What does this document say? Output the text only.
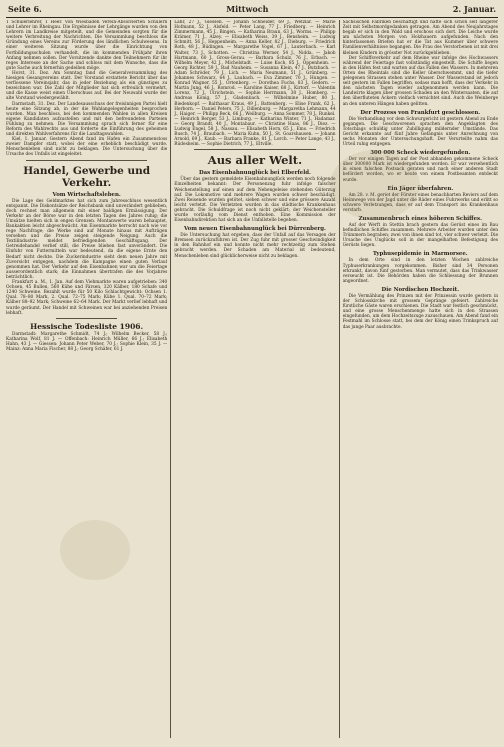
Seite 6.	Mittwoch	2. Januar.

1 Schülerlehrer, 1 Heer. Von Wiesbaden Verein-Absolvierten Schülern und Lehrer im Rheingau. Die Ergebnisse der Lehrgänge wurden von den Lehrern im Landkreise mitgeteilt, und die Gemeinden sorgten für die weitere Verbreitung der Nachrichten. Die Versammlung beschloss die Gründung eines Vereins zur Förderung des ländlichen Schulwesens. In einer weiteren Sitzung wurde über die Einrichtung von Fortbildungsschulen verhandelt, die im kommenden Frühjahr ihren Anfang nehmen sollen. Der Vorsitzende dankte den Teilnehmern für ihr reges Interesse an der Sache und schloss mit dem Wunsche, dass die gute Sache auch fernerhin gedeihen möge.

Horst, 31. Dez. Am Sonntag fand die Generalversammlung des hiesigen Gesangvereins statt. Der Vorstand erstattete Bericht über das verflossene Vereinsjahr, das in jeder Beziehung als ein günstiges zu bezeichnen war. Die Zahl der Mitglieder hat sich erfreulich vermehrt, und die Kasse weist einen Überschuss auf. Bei der Neuwahl wurde der alte Vorstand wiedergewählt.

Darmstadt, 31. Dez. Der Landesausschuss der freisinnigen Partei hielt heute eine Sitzung ab, in der die Wahlangelegenheiten besprochen wurden. Man beschloss, bei den kommenden Wahlen in allen Kreisen eigene Kandidaten aufzustellen und mit den befreundeten Parteien Fühlung zu nehmen. Die Versammlung sprach sich ferner für eine Reform des Wahlrechts aus und forderte die Einführung des geheimen und direkten Wahlverfahrens für die Landtagswahlen.

Kiel, 1. Januar. Gestern Abend fand im Hafen ein Zusammenstoss zweier Dampfer statt, wobei der eine erheblich beschädigt wurde. Menschenleben sind nicht zu beklagen. Die Untersuchung über die Ursache des Unfalls ist eingeleitet.

Handel, Gewerbe und Verkehr.
Vom Wirtschaftsleben.

Die Lage des Geldmarktes hat sich zum Jahresschluss wesentlich entspannt. Die Diskontsätze der Reichsbank sind unverändert geblieben, doch rechnet man allgemein mit einer baldigen Ermässigung. Der Verkehr an der Börse war in den letzten Tagen des Jahres ruhig; die Umsätze hielten sich in engen Grenzen. Montanwerte waren behauptet, Bankaktien leicht abgeschwächt. Am Eisenmarkte herrscht nach wie vor rege Nachfrage; die Werke sind auf Monate hinaus mit Aufträgen versehen und die Preise zeigen steigende Neigung. Auch die Textilindustrie meldet befriedigenden Geschäftsgang. Der Getreidehandel verlief still, die Preise blieben fast unverändert. Die Einfuhr von Futtermitteln war bedeutend, da die eigene Ernte den Bedarf nicht deckte. Die Zuckerindustrie sieht dem neuen Jahre mit Zuversicht entgegen, nachdem die Kampagne einen guten Verlauf genommen hat. Der Verkehr auf den Eisenbahnen war um die Feiertage ausserordentlich stark; die Einnahmen übertrafen die des Vorjahres beträchtlich.

Frankfurt a. M., 1. Jan. Auf dem Viehmarkte waren aufgetrieben: 340 Ochsen, 45 Bullen, 560 Kühe und Färsen, 320 Kälber, 180 Schafe und 1240 Schweine. Bezahlt wurde für 50 Kilo Schlachtgewicht: Ochsen 1. Qual. 78–80 Mark, 2. Qual. 72–75 Mark; Kühe 1. Qual. 70–72 Mark; Kälber 88–92 Mark; Schweine 62–64 Mark. Der Markt verlief lebhaft und wurde geräumt. Der Handel mit Schweinen war bei anziehenden Preisen lebhaft.

Hessische Todesliste 1906.

Darmstadt: Margarethe Schmidt, 74 J.; Wilhelm Becker, 58 J.; Katharina Wolf, 81 J. — Offenbach: Heinrich Müller, 66 J.; Elisabeth Hahn, 43 J. — Giessen: Johann Peter Weber, 70 J.; Sophie Klein, 35 J. — Mainz: Anna Maria Fischer, 88 J.; Georg Schäfer, 61 J.

Lahr, 27 J., Giessen. — Johann Schneider, 69 J., Wetzlar. — Marie Hofmann, 52 J., Alsfeld. — Peter Lang, 77 J., Friedberg. — Heinrich Zimmermann, 45 J., Bingen. — Katharina Braun, 63 J., Worms. — Philipp Krämer, 71 J., Alzey. — Elisabeth Weiss, 39 J., Bensheim. — Ludwig Schmitt, 56 J., Heppenheim. — Anna Keller, 82 J., Dieburg. — Friedrich Roth, 48 J., Büdingen. — Margarethe Vogel, 67 J., Lauterbach. — Karl Walter, 73 J., Schotten. — Christina Werner, 54 J., Nidda. — Jakob Hartmann, 60 J., Gross-Gerau. — Barbara Schulz, 76 J., Erbach. — Wilhelm Meyer, 42 J., Michelstadt. — Luise Koch, 85 J., Oppenheim. — Georg Richter, 59 J., Bad Nauheim. — Susanna Klein, 47 J., Butzbach. — Adam Schröder, 79 J., Lich. — Maria Neumann, 51 J., Grünberg. — Johannes Schwarz, 64 J., Laubach. — Eva Zimmer, 70 J., Hungen. — Konrad Wagner, 55 J., Ortenberg. — Dorothea Fuchs, 83 J., Gedern. — Martin Jung, 46 J., Romrod. — Karoline Kaiser, 68 J., Kirtorf. — Valentin Lorenz, 72 J., Ulrichstein. — Sophie Herrmann, 38 J., Homberg. — Andreas König, 57 J., Gladenbach. — Wilhelmine Huber, 80 J., Biedenkopf. — Balthasar Kraus, 49 J., Battenberg. — Elise Frank, 62 J., Herborn. — Daniel Peters, 75 J., Dillenburg. — Margaretha Lehmann, 44 J., Haiger. — Philipp Beck, 66 J., Weilburg. — Anna Sommer, 78 J., Runkel. — Heinrich Berger, 53 J., Limburg. — Katharina Winter, 71 J., Hadamar. — Georg Brandt, 40 J., Montabaur. — Christine Haas, 86 J., Diez. — Ludwig Engel, 58 J., Nassau. — Elisabeth Horn, 65 J., Ems. — Friedrich Busch, 74 J., Braubach. — Maria Kuhn, 50 J., St. Goarshausen. — Johann Arnold, 69 J., Kaub. — Barbara Franke, 81 J., Lorch. — Peter Lange, 43 J., Rüdesheim. — Sophie Dietrich, 77 J., Eltville.

Aus aller Welt.
Das Eisenbahnunglück bei Elberfeld.

Über das gestern gemeldete Eisenbahnunglück werden noch folgende Einzelheiten bekannt: Der Personenzug fuhr infolge falscher Weichenstellung auf einen auf dem Nebengeleise stehenden Güterzug auf. Die Lokomotive und mehrere Wagen wurden schwer beschädigt. Zwei Reisende wurden getötet, sieben schwer und eine grössere Anzahl leicht verletzt. Die Verletzten wurden in das städtische Krankenhaus gebracht. Die Schuldfrage ist noch nicht geklärt; der Weichensteller wurde vorläufig vom Dienst enthoben. Eine Kommission der Eisenbahndirektion hat sich an die Unfallstelle begeben.

Vom neuen Eisenbahnunglück bei Dürrenberg.

Die Untersuchung hat ergeben, dass der Unfall auf das Versagen der Bremsen zurückzuführen ist. Der Zug fuhr mit grosser Geschwindigkeit in den Bahnhof ein und konnte nicht mehr rechtzeitig zum Stehen gebracht werden. Der Schaden am Material ist bedeutend, Menschenleben sind glücklicherweise nicht zu beklagen.

Sächsischen Fabriken beschäftigt und hatte sich schon seit längerer Zeit mit Selbstmordgedanken getragen. Am Abend des Neujahrstages begab er sich in den Wald und erschoss sich dort. Die Leiche wurde am nächsten Morgen von Holzhauern aufgefunden. Nach den hinterlassenen Briefen hat er die Tat aus Kummer über schwere Familienverhältnisse begangen. Die Frau des Verstorbenen ist mit drei kleinen Kindern in grösster Not zurückgeblieben.

Der Schiffsverkehr auf dem Rheine war infolge des Hochwassers während der Feiertage fast vollständig eingestellt. Die Schiffe liegen in den Häfen fest und warten auf das Fallen des Wassers. In mehreren Orten des Rheintals sind die Keller überschwemmt, und die tiefer gelegenen Strassen stehen unter Wasser. Der Wasserstand ist jedoch seit gestern im Fallen begriffen, sodass man hofft, dass der Verkehr in den nächsten Tagen wieder aufgenommen werden kann. Die Landwirte klagen über grossen Schaden an den Wintersaaten, die auf den überfluteten Äckern vielfach vernichtet sind. Auch die Weinberge an den unteren Hängen haben gelitten.

Der Prozess von Frankfurt geschlossen.

Die Verhandlung vor dem Schwurgericht ist gestern Abend zu Ende gegangen. Die Geschworenen sprachen den Angeklagten des Totschlags schuldig unter Zubilligung mildernder Umstände. Das Gericht erkannte auf fünf Jahre Gefängnis unter Anrechnung von sechs Monaten der Untersuchungshaft. Der Verurteilte nahm das Urteil ruhig entgegen.

300 000 Scheck wiedergefunden.

Der vor einigen Tagen auf der Post abhanden gekommene Scheck über 300000 Mark ist wiedergefunden worden. Er war versehentlich in einen falschen Postsack geraten und nach einer anderen Stadt befördert worden, wo er heute von einem Postbeamten entdeckt wurde.

Ein Jäger überfahren.

Am 28. v. M. geriet der Förster eines benachbarten Reviers auf dem Heimwege von der Jagd unter die Räder eines Fuhrwerks und erlitt so schwere Verletzungen, dass er auf dem Transport ins Krankenhaus verstarb.

Zusammenbruch eines höheren Schiffes.

Auf der Werft in Stettin brach gestern das Gerüst eines im Bau befindlichen Schiffes zusammen. Mehrere Arbeiter wurden unter den Trümmern begraben; zwei von ihnen sind tot, vier schwer verletzt. Die Ursache des Unglücks soll in der mangelhaften Befestigung des Gerüsts liegen.

Typhusepidemie in Marmorsee.

In dem Orte sind in den letzten Wochen zahlreiche Typhuserkrankungen vorgekommen. Bisher sind 34 Personen erkrankt, davon fünf gestorben. Man vermutet, dass das Trinkwasser verseucht ist. Die Behörden haben die Schliessung der Brunnen angeordnet.

Die Nordischen Hochzeit.

Die Vermählung des Prinzen mit der Prinzessin wurde gestern in der Schlosskirche mit grossem Gepränge gefeiert. Zahlreiche fürstliche Gäste waren erschienen. Die Stadt war festlich geschmückt, und eine grosse Menschenmenge hatte sich in den Strassen eingefunden, um dem Hochzeitszuge zuzuschauen. Am Abend fand ein Festmahl im Schlosse statt, bei dem der König einen Trinkspruch auf das junge Paar ausbrachte.
